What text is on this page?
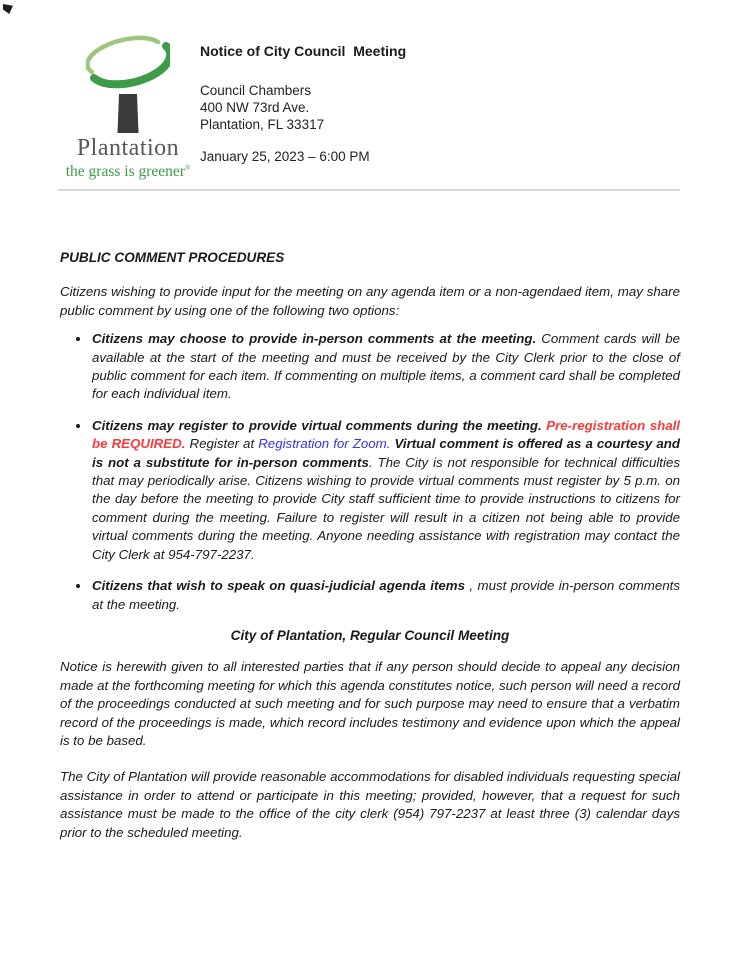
Plantation
the grass is greener®
Notice of City Council  Meeting
Council Chambers
400 NW 73rd Ave.
Plantation, FL 33317
January 25, 2023 – 6:00 PM
PUBLIC COMMENT PROCEDURES

Citizens wishing to provide input for the meeting on any agenda item or a non-agendaed item, may share public comment by using one of the following two options:

• Citizens may choose to provide in-person comments at the meeting. Comment cards will be available at the start of the meeting and must be received by the City Clerk prior to the close of public comment for each item. If commenting on multiple items, a comment card shall be completed for each individual item.
• Citizens may register to provide virtual comments during the meeting. Pre-registration shall be REQUIRED. Register at Registration for Zoom. Virtual comment is offered as a courtesy and is not a substitute for in-person comments. The City is not responsible for technical difficulties that may periodically arise. Citizens wishing to provide virtual comments must register by 5 p.m. on the day before the meeting to provide City staff sufficient time to provide instructions to citizens for comment during the meeting. Failure to register will result in a citizen not being able to provide virtual comments during the meeting. Anyone needing assistance with registration may contact the City Clerk at 954-797-2237.
• Citizens that wish to speak on quasi-judicial agenda items , must provide in-person comments at the meeting.
City of Plantation, Regular Council Meeting

Notice is herewith given to all interested parties that if any person should decide to appeal any decision made at the forthcoming meeting for which this agenda constitutes notice, such person will need a record of the proceedings conducted at such meeting and for such purpose may need to ensure that a verbatim record of the proceedings is made, which record includes testimony and evidence upon which the appeal is to be based.

The City of Plantation will provide reasonable accommodations for disabled individuals requesting special assistance in order to attend or participate in this meeting; provided, however, that a request for such assistance must be made to the office of the city clerk (954) 797-2237 at least three (3) calendar days prior to the scheduled meeting.
